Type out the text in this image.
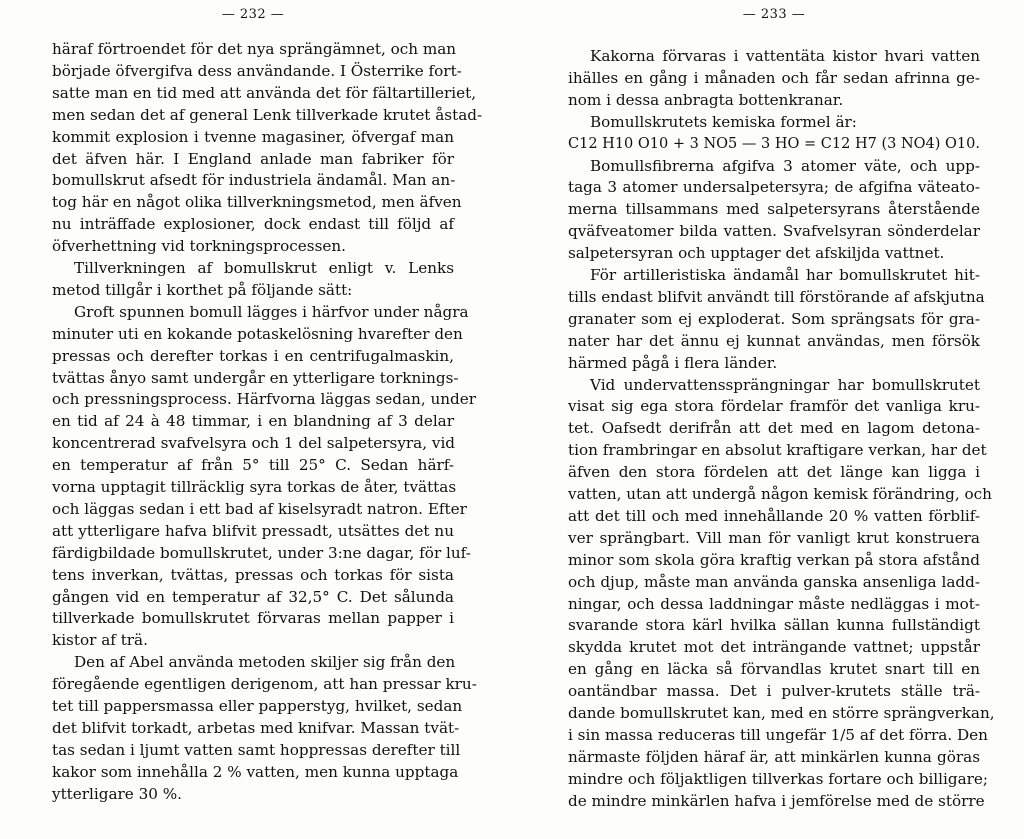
— 232 —
häraf förtroendet för det nya sprängämnet, och man
började öfvergifva dess användande. I Österrike fort-
satte man en tid med att använda det för fältartilleriet,
men sedan det af general Lenk tillverkade krutet åstad-
kommit explosion i tvenne magasiner, öfvergaf man
det äfven här. I England anlade man fabriker för
bomullskrut afsedt för industriela ändamål. Man an-
tog här en något olika tillverkningsmetod, men äfven
nu inträffade explosioner, dock endast till följd af
öfverhettning vid torkningsprocessen.
Tillverkningen af bomullskrut enligt v. Lenks
metod tillgår i korthet på följande sätt:
Groft spunnen bomull lägges i härfvor under några
minuter uti en kokande potaskelösning hvarefter den
pressas och derefter torkas i en centrifugalmaskin,
tvättas ånyo samt undergår en ytterligare torknings-
och pressningsprocess. Härfvorna läggas sedan, under
en tid af 24 à 48 timmar, i en blandning af 3 delar
koncentrerad svafvelsyra och 1 del salpetersyra, vid
en temperatur af från 5° till 25° C. Sedan härf-
vorna upptagit tillräcklig syra torkas de åter, tvättas
och läggas sedan i ett bad af kiselsyradt natron. Efter
att ytterligare hafva blifvit pressadt, utsättes det nu
färdigbildade bomullskrutet, under 3:ne dagar, för luf-
tens inverkan, tvättas, pressas och torkas för sista
gången vid en temperatur af 32,5° C. Det sålunda
tillverkade bomullskrutet förvaras mellan papper i
kistor af trä.
Den af Abel använda metoden skiljer sig från den
föregående egentligen derigenom, att han pressar kru-
tet till pappersmassa eller papperstyg, hvilket, sedan
det blifvit torkadt, arbetas med knifvar. Massan tvät-
tas sedan i ljumt vatten samt hoppressas derefter till
kakor som innehålla 2 % vatten, men kunna upptaga
ytterligare 30 %.
— 233 —
Kakorna förvaras i vattentäta kistor hvari vatten
ihälles en gång i månaden och får sedan afrinna ge-
nom i dessa anbragta bottenkranar.
Bomullskrutets kemiska formel är:
C12 H10 O10 + 3 NO5 — 3 HO = C12 H7 (3 NO4) O10.
Bomullsfibrerna afgifva 3 atomer väte, och upp-
taga 3 atomer undersalpetersyra; de afgifna väteato-
merna tillsammans med salpetersyrans återstående
qväfveatomer bilda vatten. Svafvelsyran sönderdelar
salpetersyran och upptager det afskiljda vattnet.
För artilleristiska ändamål har bomullskrutet hit-
tills endast blifvit användt till förstörande af afskjutna
granater som ej exploderat. Som sprängsats för gra-
nater har det ännu ej kunnat användas, men försök
härmed pågå i flera länder.
Vid undervattenssprängningar har bomullskrutet
visat sig ega stora fördelar framför det vanliga kru-
tet. Oafsedt derifrån att det med en lagom detona-
tion frambringar en absolut kraftigare verkan, har det
äfven den stora fördelen att det länge kan ligga i
vatten, utan att undergå någon kemisk förändring, och
att det till och med innehållande 20 % vatten förblif-
ver sprängbart. Vill man för vanligt krut konstruera
minor som skola göra kraftig verkan på stora afstånd
och djup, måste man använda ganska ansenliga ladd-
ningar, och dessa laddningar måste nedläggas i mot-
svarande stora kärl hvilka sällan kunna fullständigt
skydda krutet mot det inträngande vattnet; uppstår
en gång en läcka så förvandlas krutet snart till en
oantändbar massa. Det i pulver-krutets ställe trä-
dande bomullskrutet kan, med en större sprängverkan,
i sin massa reduceras till ungefär 1/5 af det förra. Den
närmaste följden häraf är, att minkärlen kunna göras
mindre och följaktligen tillverkas fortare och billigare;
de mindre minkärlen hafva i jemförelse med de större
